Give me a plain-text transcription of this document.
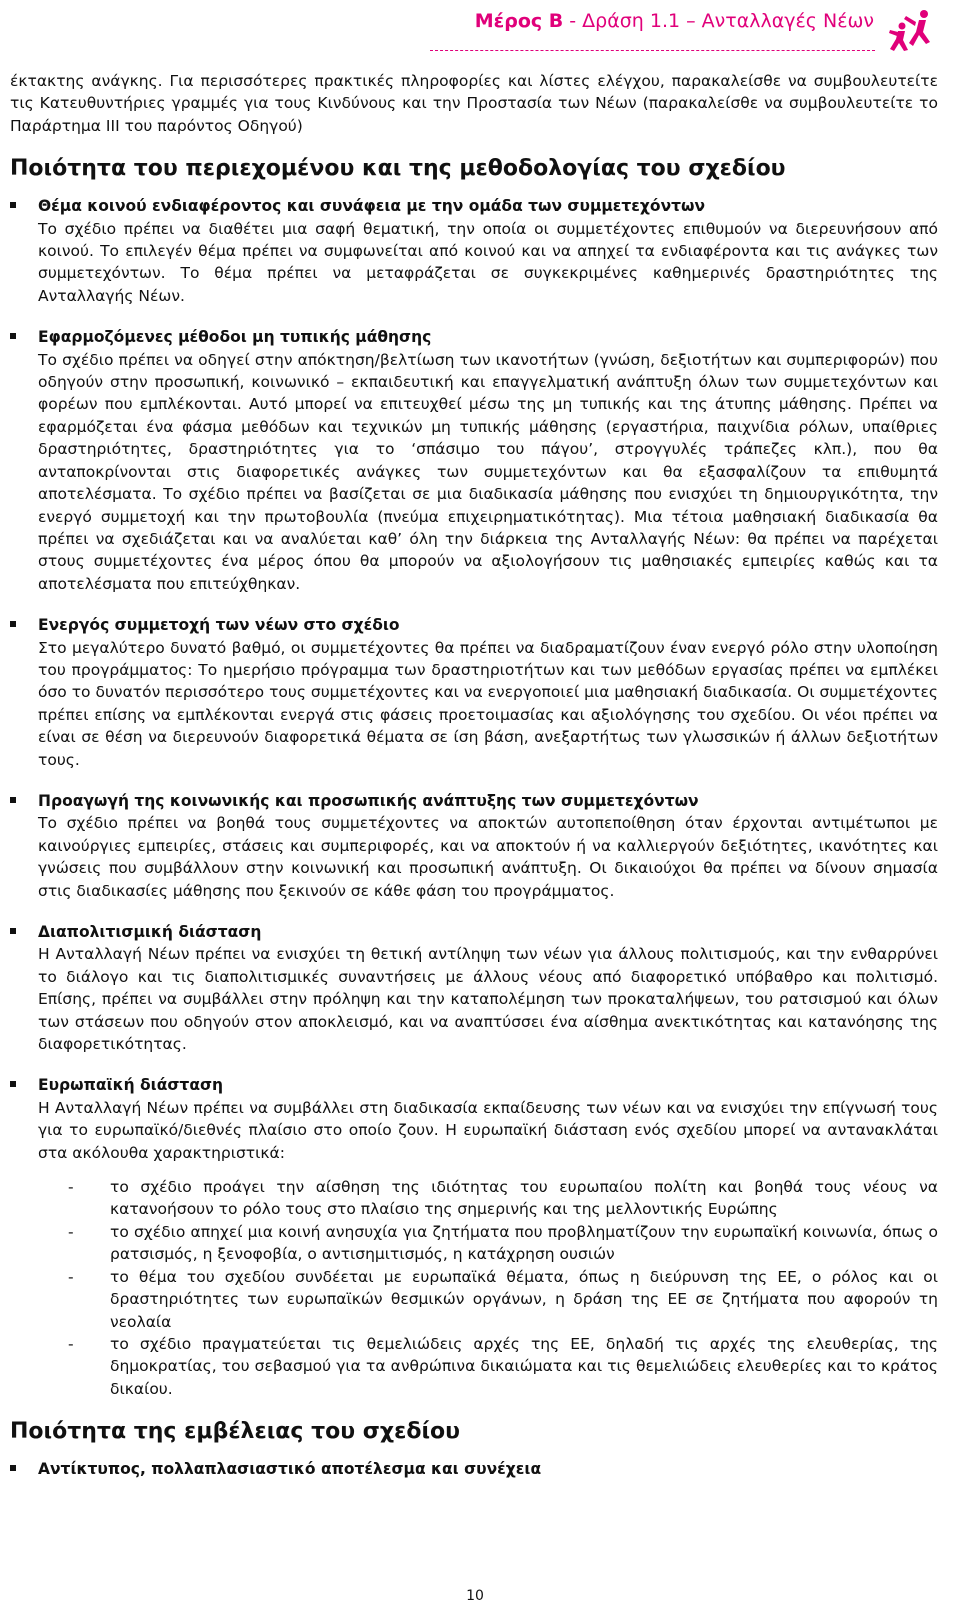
Μέρος Β - Δράση 1.1 – Ανταλλαγές Νέων

έκτακτης ανάγκης. Για περισσότερες πρακτικές πληροφορίες και λίστες ελέγχου, παρακαλείσθε να συμβουλευτείτε τις Κατευθυντήριες γραμμές για τους Κινδύνους και την Προστασία των Νέων (παρακαλείσθε να συμβουλευτείτε το Παράρτημα III του παρόντος Οδηγού)

Ποιότητα του περιεχομένου και της μεθοδολογίας του σχεδίου
Θέμα κοινού ενδιαφέροντος και συνάφεια με την ομάδα των συμμετεχόντων

Το σχέδιο πρέπει να διαθέτει μια σαφή θεματική, την οποία οι συμμετέχοντες επιθυμούν να διερευνήσουν από κοινού. Το επιλεγέν θέμα πρέπει να συμφωνείται από κοινού και να απηχεί τα ενδιαφέροντα και τις ανάγκες των συμμετεχόντων. Το θέμα πρέπει να μεταφράζεται σε συγκεκριμένες καθημερινές δραστηριότητες της Ανταλλαγής Νέων.

Εφαρμοζόμενες μέθοδοι μη τυπικής μάθησης

Το σχέδιο πρέπει να οδηγεί στην απόκτηση/βελτίωση των ικανοτήτων (γνώση, δεξιοτήτων και συμπεριφορών) που οδηγούν στην προσωπική, κοινωνικό – εκπαιδευτική και επαγγελματική ανάπτυξη όλων των συμμετεχόντων και φορέων που εμπλέκονται. Αυτό μπορεί να επιτευχθεί μέσω της μη τυπικής και της άτυπης μάθησης. Πρέπει να εφαρμόζεται ένα φάσμα μεθόδων και τεχνικών μη τυπικής μάθησης (εργαστήρια, παιχνίδια ρόλων, υπαίθριες δραστηριότητες, δραστηριότητες για το ‘σπάσιμο του πάγου’, στρογγυλές τράπεζες κλπ.), που θα ανταποκρίνονται στις διαφορετικές ανάγκες των συμμετεχόντων και θα εξασφαλίζουν τα επιθυμητά αποτελέσματα. Το σχέδιο πρέπει να βασίζεται σε μια διαδικασία μάθησης που ενισχύει τη δημιουργικότητα, την ενεργό συμμετοχή και την πρωτοβουλία (πνεύμα επιχειρηματικότητας). Μια τέτοια μαθησιακή διαδικασία θα πρέπει να σχεδιάζεται και να αναλύεται καθ’ όλη την διάρκεια της Ανταλλαγής Νέων: θα πρέπει να παρέχεται στους συμμετέχοντες ένα μέρος όπου θα μπορούν να αξιολογήσουν τις μαθησιακές εμπειρίες καθώς και τα αποτελέσματα που επιτεύχθηκαν.

Ενεργός συμμετοχή των νέων στο σχέδιο

Στο μεγαλύτερο δυνατό βαθμό, οι συμμετέχοντες θα πρέπει να διαδραματίζουν έναν ενεργό ρόλο στην υλοποίηση του προγράμματος: Το ημερήσιο πρόγραμμα των δραστηριοτήτων και των μεθόδων εργασίας πρέπει να εμπλέκει όσο το δυνατόν περισσότερο τους συμμετέχοντες και να ενεργοποιεί μια μαθησιακή διαδικασία. Οι συμμετέχοντες πρέπει επίσης να εμπλέκονται ενεργά στις φάσεις προετοιμασίας και αξιολόγησης του σχεδίου. Οι νέοι πρέπει να είναι σε θέση να διερευνούν διαφορετικά θέματα σε ίση βάση, ανεξαρτήτως των γλωσσικών ή άλλων δεξιοτήτων τους.

Προαγωγή της κοινωνικής και προσωπικής ανάπτυξης των συμμετεχόντων

Το σχέδιο πρέπει να βοηθά τους συμμετέχοντες να αποκτών αυτοπεποίθηση όταν έρχονται αντιμέτωποι με καινούργιες εμπειρίες, στάσεις και συμπεριφορές, και να αποκτούν ή να καλλιεργούν δεξιότητες, ικανότητες και γνώσεις που συμβάλλουν στην κοινωνική και προσωπική ανάπτυξη. Οι δικαιούχοι θα πρέπει να δίνουν σημασία στις διαδικασίες μάθησης που ξεκινούν σε κάθε φάση του προγράμματος.

Διαπολιτισμική διάσταση

Η Ανταλλαγή Νέων πρέπει να ενισχύει τη θετική αντίληψη των νέων για άλλους πολιτισμούς, και την ενθαρρύνει το διάλογο και τις διαπολιτισμικές συναντήσεις με άλλους νέους από διαφορετικό υπόβαθρο και πολιτισμό. Επίσης, πρέπει να συμβάλλει στην πρόληψη και την καταπολέμηση των προκαταλήψεων, του ρατσισμού και όλων των στάσεων που οδηγούν στον αποκλεισμό, και να αναπτύσσει ένα αίσθημα ανεκτικότητας και κατανόησης της διαφορετικότητας.

Ευρωπαϊκή διάσταση

Η Ανταλλαγή Νέων πρέπει να συμβάλλει στη διαδικασία εκπαίδευσης των νέων και να ενισχύει την επίγνωσή τους για το ευρωπαϊκό/διεθνές πλαίσιο στο οποίο ζουν. Η ευρωπαϊκή διάσταση ενός σχεδίου μπορεί να αντανακλάται στα ακόλουθα χαρακτηριστικά:

- το σχέδιο προάγει την αίσθηση της ιδιότητας του ευρωπαίου πολίτη και βοηθά τους νέους να κατανοήσουν το ρόλο τους στο πλαίσιο της σημερινής και της μελλοντικής Ευρώπης
- το σχέδιο απηχεί μια κοινή ανησυχία για ζητήματα που προβληματίζουν την ευρωπαϊκή κοινωνία, όπως ο ρατσισμός, η ξενοφοβία, ο αντισημιτισμός, η κατάχρηση ουσιών
- το θέμα του σχεδίου συνδέεται με ευρωπαϊκά θέματα, όπως η διεύρυνση της ΕΕ, ο ρόλος και οι δραστηριότητες των ευρωπαϊκών θεσμικών οργάνων, η δράση της ΕΕ σε ζητήματα που αφορούν τη νεολαία
- το σχέδιο πραγματεύεται τις θεμελιώδεις αρχές της ΕΕ, δηλαδή τις αρχές της ελευθερίας, της δημοκρατίας, του σεβασμού για τα ανθρώπινα δικαιώματα και τις θεμελιώδεις ελευθερίες και το κράτος δικαίου.
Ποιότητα της εμβέλειας του σχεδίου
Αντίκτυπος, πολλαπλασιαστικό αποτέλεσμα και συνέχεια
10
